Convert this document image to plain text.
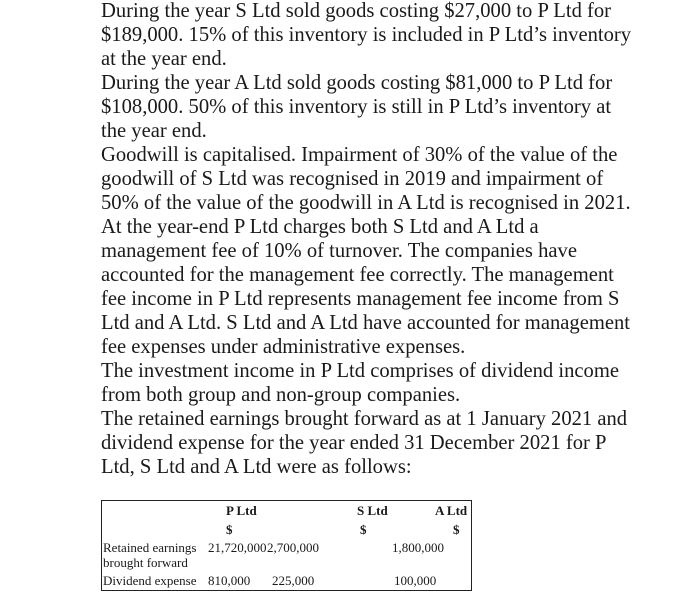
During the year S Ltd sold goods costing $27,000 to P Ltd for
$189,000. 15% of this inventory is included in P Ltd’s inventory
at the year end.

During the year A Ltd sold goods costing $81,000 to P Ltd for
$108,000. 50% of this inventory is still in P Ltd’s inventory at
the year end.

Goodwill is capitalised. Impairment of 30% of the value of the
goodwill of S Ltd was recognised in 2019 and impairment of
50% of the value of the goodwill in A Ltd is recognised in 2021.

At the year-end P Ltd charges both S Ltd and A Ltd a
management fee of 10% of turnover. The companies have
accounted for the management fee correctly. The management
fee income in P Ltd represents management fee income from S
Ltd and A Ltd. S Ltd and A Ltd have accounted for management
fee expenses under administrative expenses.

The investment income in P Ltd comprises of dividend income
from both group and non-group companies.

The retained earnings brought forward as at 1 January 2021 and
dividend expense for the year ended 31 December 2021 for P
Ltd, S Ltd and A Ltd were as follows:

P Ltd	S Ltd	A Ltd
$	$	$
Retained earnings
brought forward
21,720,000 2,700,000	1,800,000
Dividend expense 810,000 225,000	100,000
